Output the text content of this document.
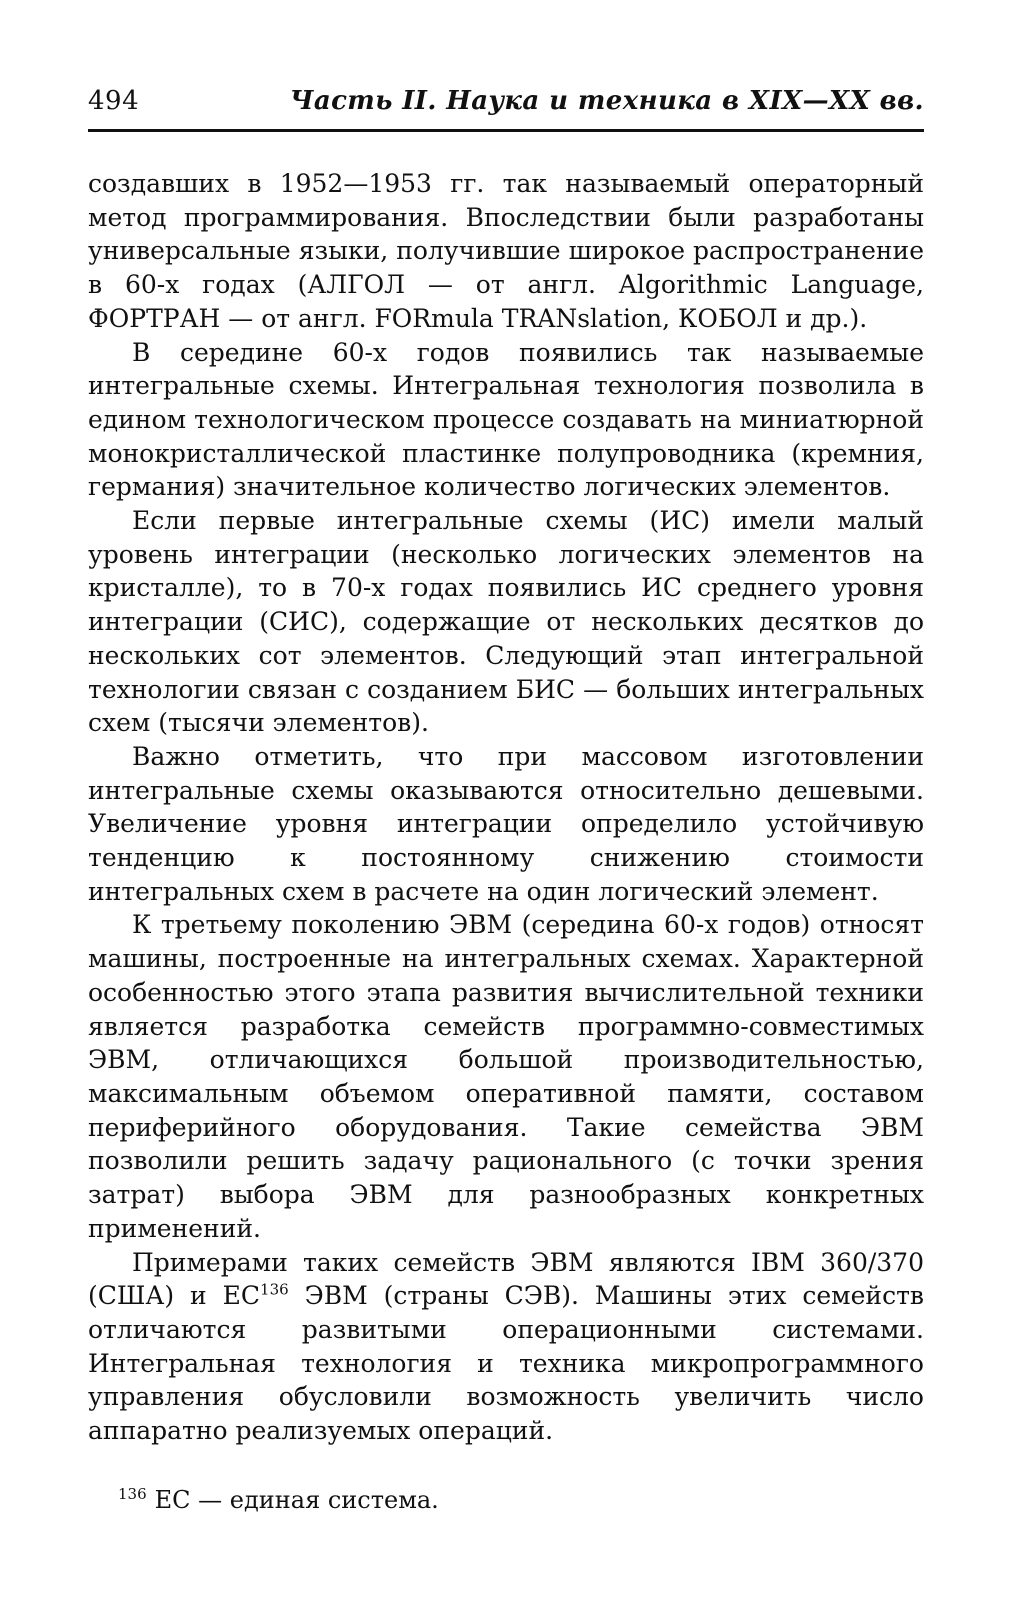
494	Часть II. Наука и техника в XIX—XX вв.

создавших в 1952—1953 гг. так называемый операторный метод программирования. Впоследствии были разработаны универсальные языки, получившие широкое распространение в 60-х годах (АЛГОЛ — от англ. Algorithmic Language, ФОРТРАН — от англ. FORmula TRANslation, КОБОЛ и др.).

В середине 60-х годов появились так называемые интегральные схемы. Интегральная технология позволила в едином технологическом процессе создавать на миниатюрной монокристаллической пластинке полупроводника (кремния, германия) значительное количество логических элементов.

Если первые интегральные схемы (ИС) имели малый уровень интеграции (несколько логических элементов на кристалле), то в 70-х годах появились ИС среднего уровня интеграции (СИС), содержащие от нескольких десятков до нескольких сот элементов. Следующий этап интегральной технологии связан с созданием БИС — больших интегральных схем (тысячи элементов).

Важно отметить, что при массовом изготовлении интегральные схемы оказываются относительно дешевыми. Увеличение уровня интеграции определило устойчивую тенденцию к постоянному снижению стоимости интегральных схем в расчете на один логический элемент.

К третьему поколению ЭВМ (середина 60-х годов) относят машины, построенные на интегральных схемах. Характерной особенностью этого этапа развития вычислительной техники является разработка семейств программно-совместимых ЭВМ, отличающихся большой производительностью, максимальным объемом оперативной памяти, составом периферийного оборудования. Такие семейства ЭВМ позволили решить задачу рационального (с точки зрения затрат) выбора ЭВМ для разнообразных конкретных применений.

Примерами таких семейств ЭВМ являются IBM 360/370 (США) и ЕС$^{136}$ ЭВМ (страны СЭВ). Машины этих семейств отличаются развитыми операционными системами. Интегральная технология и техника микропрограммного управления обусловили возможность увеличить число аппаратно реализуемых операций.

$^{136}$ ЕС — единая система.
